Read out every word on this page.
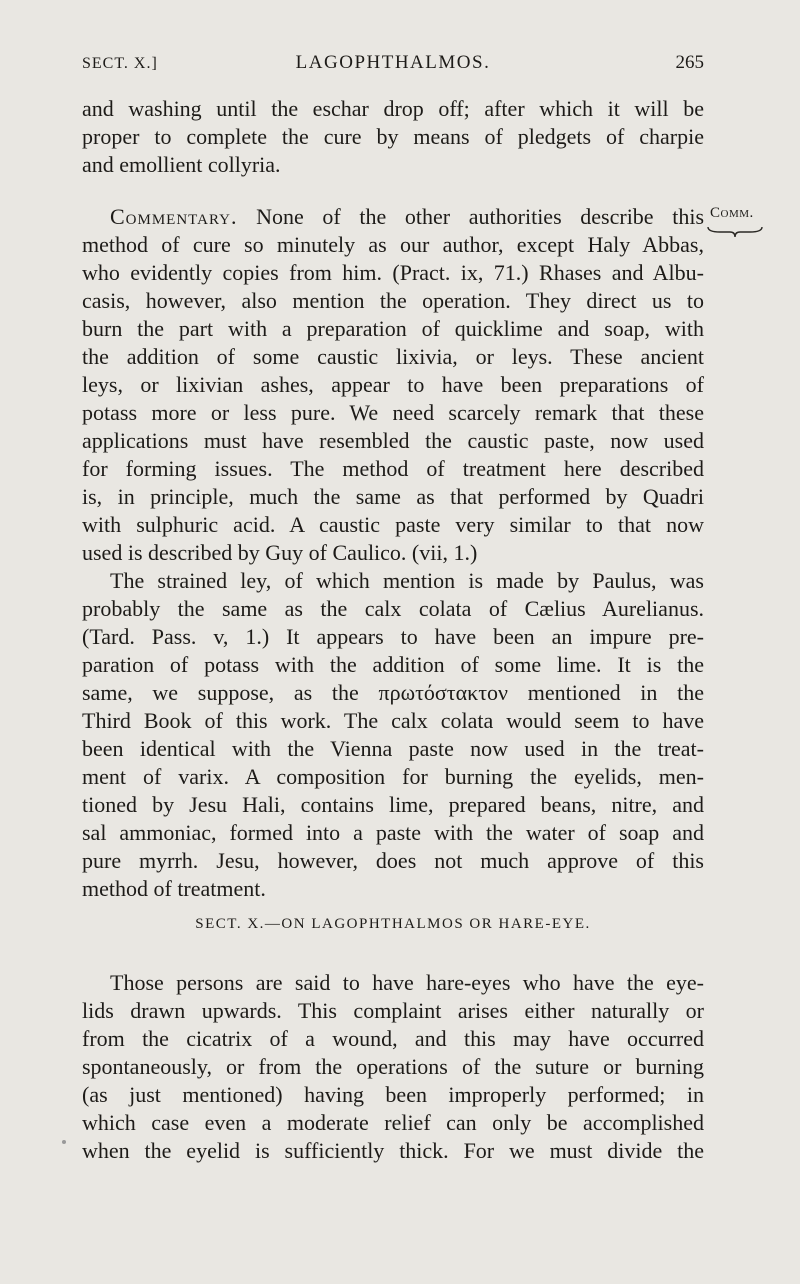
SECT. X.]	LAGOPHTHALMOS.	265

and washing until the eschar drop off; after which it will be
proper to complete the cure by means of pledgets of charpie
and emollient collyria.
Commentary. None of the other authorities describe this
method of cure so minutely as our author, except Haly Abbas,
who evidently copies from him. (Pract. ix, 71.) Rhases and Albu-
casis, however, also mention the operation. They direct us to
burn the part with a preparation of quicklime and soap, with
the addition of some caustic lixivia, or leys. These ancient
leys, or lixivian ashes, appear to have been preparations of
potass more or less pure. We need scarcely remark that these
applications must have resembled the caustic paste, now used
for forming issues. The method of treatment here described
is, in principle, much the same as that performed by Quadri
with sulphuric acid. A caustic paste very similar to that now
used is described by Guy of Caulico. (vii, 1.)
Comm.
The strained ley, of which mention is made by Paulus, was
probably the same as the calx colata of Cælius Aurelianus.
(Tard. Pass. v, 1.) It appears to have been an impure pre-
paration of potass with the addition of some lime. It is the
same, we suppose, as the πρωτόστακτον mentioned in the
Third Book of this work. The calx colata would seem to have
been identical with the Vienna paste now used in the treat-
ment of varix. A composition for burning the eyelids, men-
tioned by Jesu Hali, contains lime, prepared beans, nitre, and
sal ammoniac, formed into a paste with the water of soap and
pure myrrh. Jesu, however, does not much approve of this
method of treatment.
SECT. X.—ON LAGOPHTHALMOS OR HARE-EYE.
Those persons are said to have hare-eyes who have the eye-
lids drawn upwards. This complaint arises either naturally or
from the cicatrix of a wound, and this may have occurred
spontaneously, or from the operations of the suture or burning
(as just mentioned) having been improperly performed; in
which case even a moderate relief can only be accomplished
when the eyelid is sufficiently thick. For we must divide the
